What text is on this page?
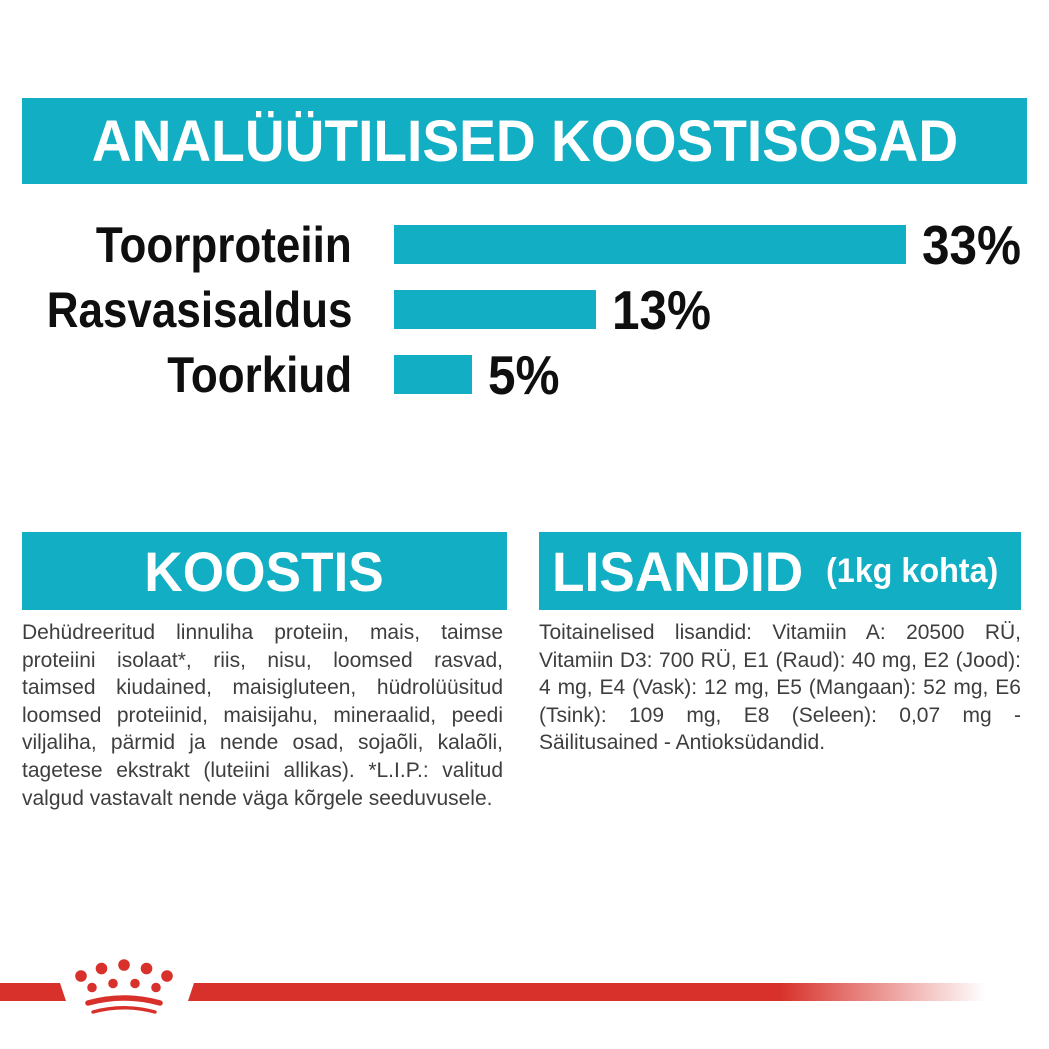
ANALÜÜTILISED KOOSTISOSAD
Toorproteiin	33%
Rasvasisaldus	13%
Toorkiud 5%
KOOSTIS

Dehüdreeritud linnuliha proteiin, mais, taimse proteiini isolaat*, riis, nisu, loomsed rasvad, taimsed kiudained, maisigluteen, hüdrolüüsitud loomsed proteiinid, maisijahu, mineraalid, peedi viljaliha, pärmid ja nende osad, sojaõli, kalaõli, tagetese ekstrakt (luteiini allikas). *L.I.P.: valitud valgud vastavalt nende väga kõrgele seeduvusele.

LISANDID (1kg kohta)

Toitainelised lisandid: Vitamiin A: 20500 RÜ, Vitamiin D3: 700 RÜ, E1 (Raud): 40 mg, E2 (Jood): 4 mg, E4 (Vask): 12 mg, E5 (Mangaan): 52 mg, E6 (Tsink): 109 mg, E8 (Seleen): 0,07 mg - Säilitusained - Antioksüdandid.
